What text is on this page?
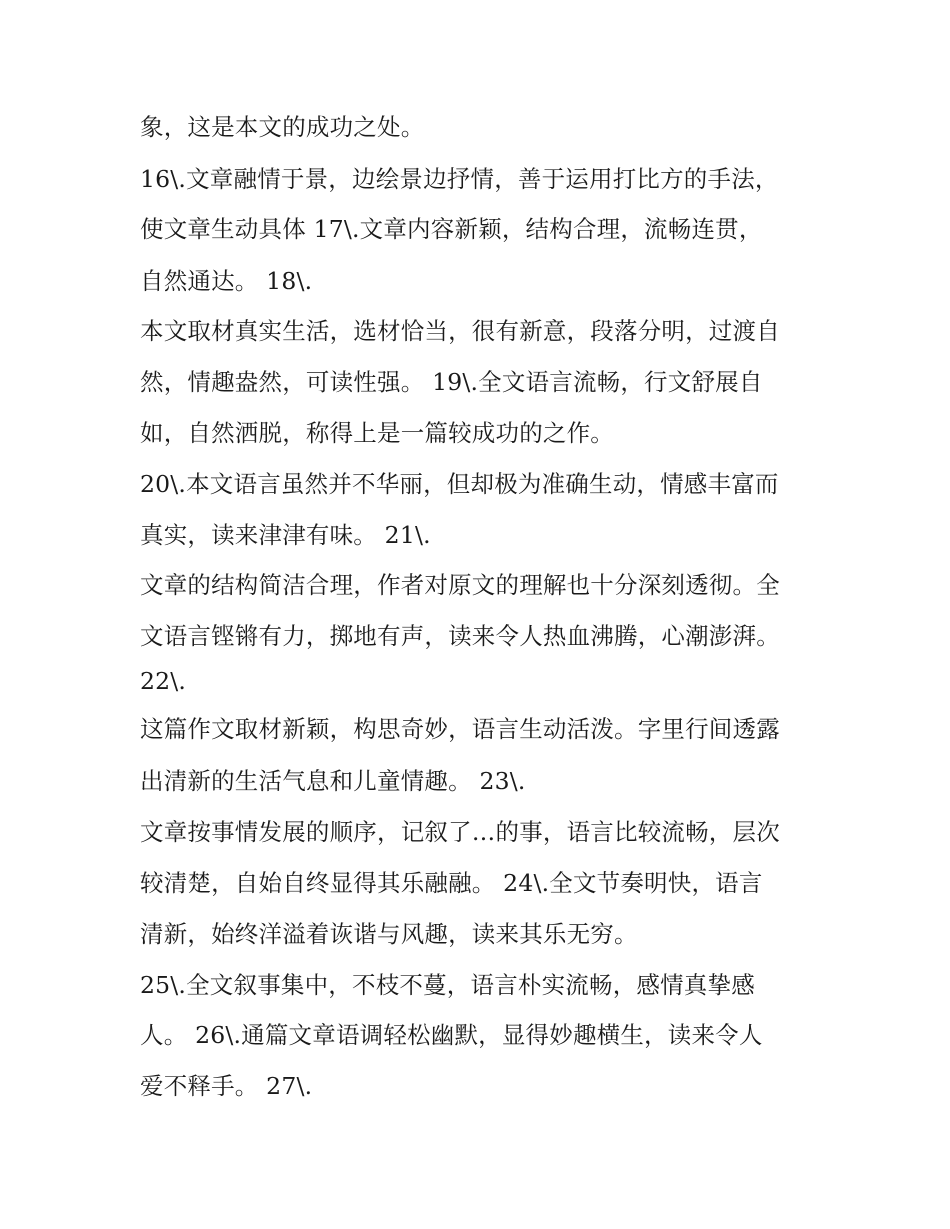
象，这是本文的成功之处。
16\.文章融情于景，边绘景边抒情，善于运用打比方的手法，
使文章生动具体 17\.文章内容新颖，结构合理，流畅连贯，
自然通达。 18\.
本文取材真实生活，选材恰当，很有新意，段落分明，过渡自
然，情趣盎然，可读性强。 19\.全文语言流畅，行文舒展自
如，自然洒脱，称得上是一篇较成功的之作。
20\.本文语言虽然并不华丽，但却极为准确生动，情感丰富而
真实，读来津津有味。 21\.
文章的结构简洁合理，作者对原文的理解也十分深刻透彻。全
文语言铿锵有力，掷地有声，读来令人热血沸腾，心潮澎湃。
22\.
这篇作文取材新颖，构思奇妙，语言生动活泼。字里行间透露
出清新的生活气息和儿童情趣。 23\.
文章按事情发展的顺序，记叙了…的事，语言比较流畅，层次
较清楚，自始自终显得其乐融融。 24\.全文节奏明快，语言
清新，始终洋溢着诙谐与风趣，读来其乐无穷。
25\.全文叙事集中，不枝不蔓，语言朴实流畅，感情真挚感
人。 26\.通篇文章语调轻松幽默，显得妙趣横生，读来令人
爱不释手。 27\.
